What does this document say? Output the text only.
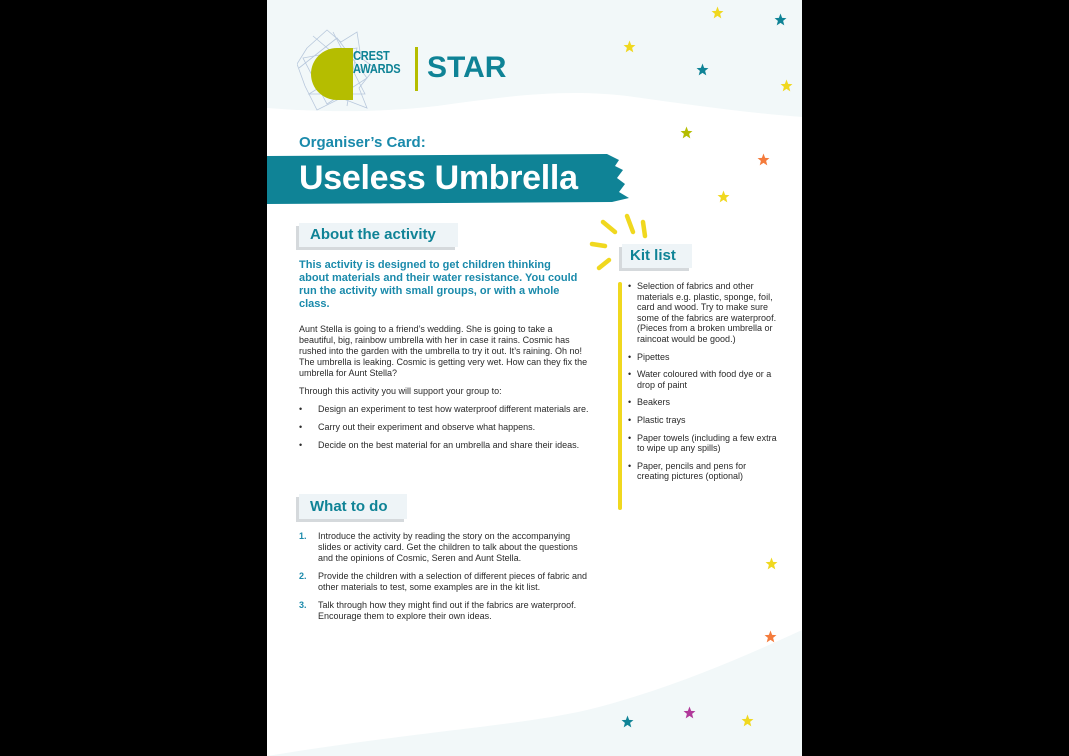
CREST
AWARDS STAR
Organiser’s Card:
Useless Umbrella
About the activity
This activity is designed to get children thinking about materials and their water resistance. You could run the activity with small groups, or with a whole class.
Aunt Stella is going to a friend’s wedding. She is going to take a beautiful, big, rainbow umbrella with her in case it rains. Cosmic has rushed into the garden with the umbrella to try it out. It’s raining. Oh no! The umbrella is leaking. Cosmic is getting very wet. How can they fix the umbrella for Aunt Stella?
Through this activity you will support your group to:
• Design an experiment to test how waterproof different materials are.
• Carry out their experiment and observe what happens.
• Decide on the best material for an umbrella and share their ideas.
What to do
1. Introduce the activity by reading the story on the accompanying slides or activity card. Get the children to talk about the questions and the opinions of Cosmic, Seren and Aunt Stella.
2. Provide the children with a selection of different pieces of fabric and other materials to test, some examples are in the kit list.
3. Talk through how they might find out if the fabrics are waterproof. Encourage them to explore their own ideas.
Kit list
• Selection of fabrics and other materials e.g. plastic, sponge, foil, card and wood. Try to make sure some of the fabrics are waterproof. (Pieces from a broken umbrella or raincoat would be good.)
• Pipettes
• Water coloured with food dye or a drop of paint
• Beakers
• Plastic trays
• Paper towels (including a few extra to wipe up any spills)
• Paper, pencils and pens for creating pictures (optional)
